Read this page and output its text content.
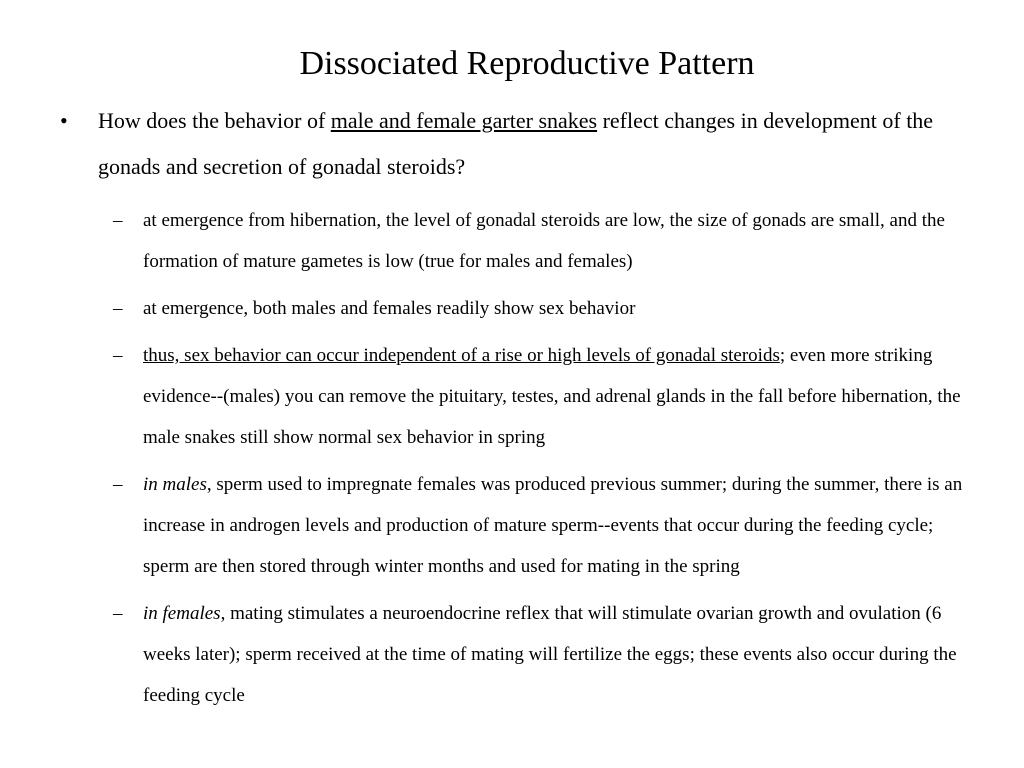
Dissociated Reproductive Pattern
• How does the behavior of male and female garter snakes reflect changes in development of the gonads and secretion of gonadal steroids?
– at emergence from hibernation, the level of gonadal steroids are low, the size of gonads are small, and the formation of mature gametes is low (true for males and females)
– at emergence, both males and females readily show sex behavior
– thus, sex behavior can occur independent of a rise or high levels of gonadal steroids; even more striking evidence--(males) you can remove the pituitary, testes, and adrenal glands in the fall before hibernation, the male snakes still show normal sex behavior in spring
– in males, sperm used to impregnate females was produced previous summer; during the summer, there is an increase in androgen levels and production of mature sperm--events that occur during the feeding cycle; sperm are then stored through winter months and used for mating in the spring
– in females, mating stimulates a neuroendocrine reflex that will stimulate ovarian growth and ovulation (6 weeks later); sperm received at the time of mating will fertilize the eggs; these events also occur during the feeding cycle
